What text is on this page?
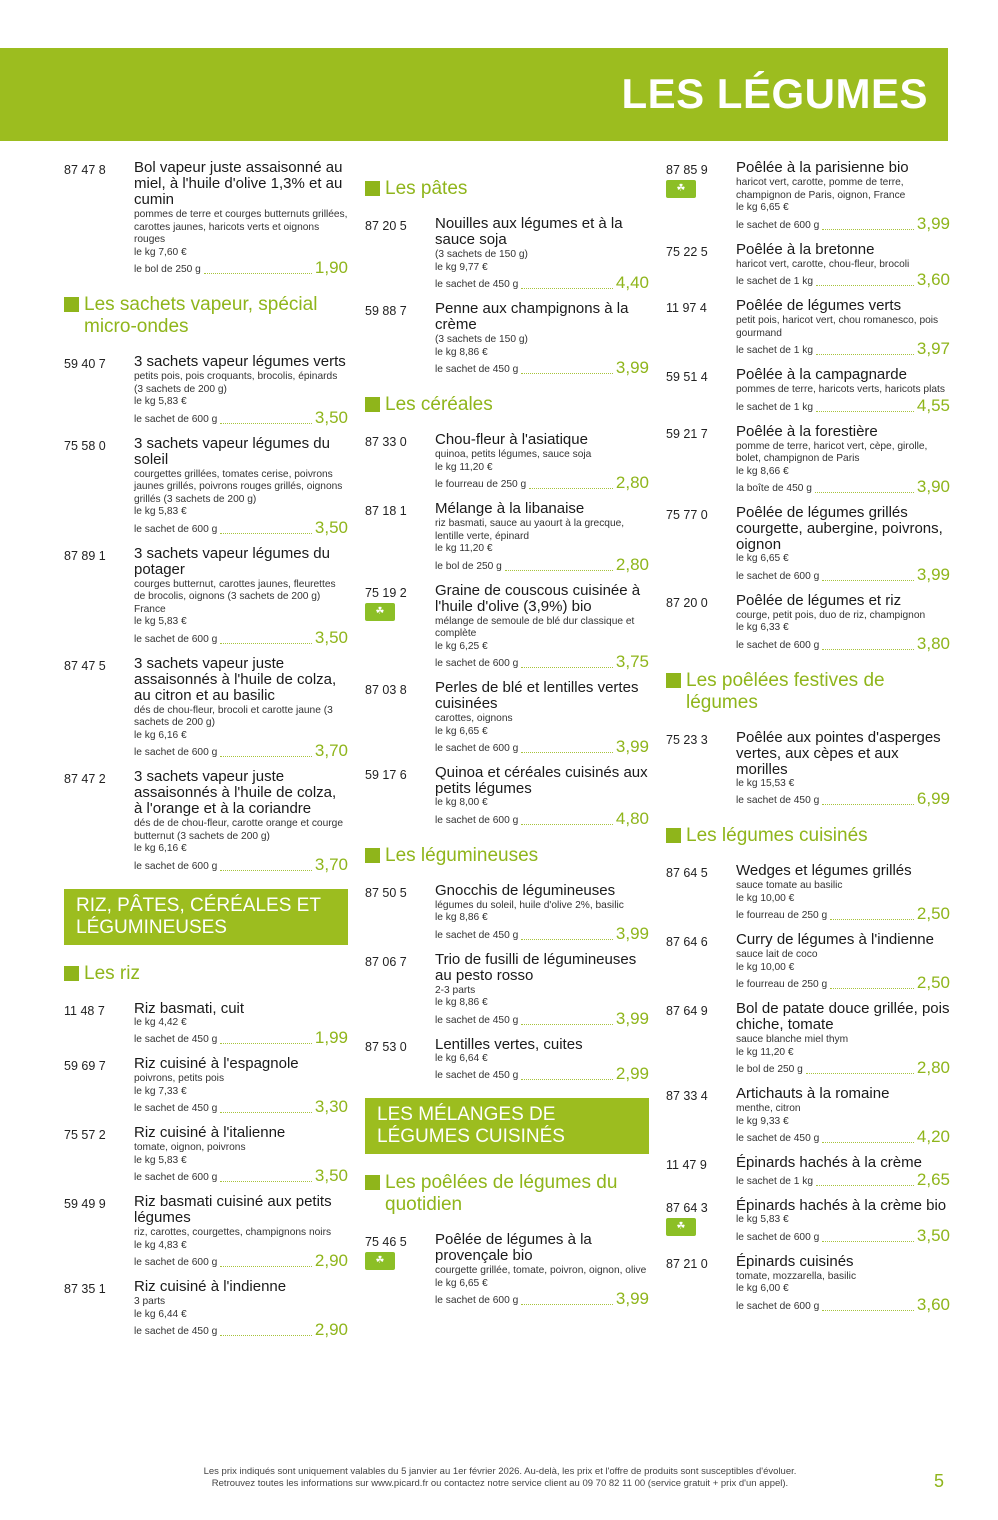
LES LÉGUMES
87 47 8 Bol vapeur juste assaisonné au miel, à l'huile d'olive 1,3% et au cumin
pommes de terre et courges butternuts grillées, carottes jaunes, haricots verts et oignons rouges
le kg 7,60 €
le bol de 250 g	1,90
Les sachets vapeur, spécial micro-ondes
59 40 7 3 sachets vapeur légumes verts
petits pois, pois croquants, brocolis, épinards (3 sachets de 200 g)
le kg 5,83 €
le sachet de 600 g	3,50
75 58 0 3 sachets vapeur légumes du soleil
courgettes grillées, tomates cerise, poivrons jaunes grillés, poivrons rouges grillés, oignons grillés (3 sachets de 200 g)
le kg 5,83 €
le sachet de 600 g	3,50
87 89 1 3 sachets vapeur légumes du potager
courges butternut, carottes jaunes, fleurettes de brocolis, oignons (3 sachets de 200 g) France
le kg 5,83 €
le sachet de 600 g	3,50
87 47 5 3 sachets vapeur juste assaisonnés à l'huile de colza, au citron et au basilic
dés de chou-fleur, brocoli et carotte jaune (3 sachets de 200 g)
le kg 6,16 €
le sachet de 600 g	3,70
87 47 2 3 sachets vapeur juste assaisonnés à l'huile de colza, à l'orange et à la coriandre
dés de de chou-fleur, carotte orange et courge butternut (3 sachets de 200 g)
le kg 6,16 €
le sachet de 600 g	3,70
RIZ, PÂTES, CÉRÉALES ET LÉGUMINEUSES
Les riz
11 48 7 Riz basmati, cuit
le kg 4,42 €
le sachet de 450 g	1,99
59 69 7 Riz cuisiné à l'espagnole
poivrons, petits pois
le kg 7,33 €
le sachet de 450 g	3,30
75 57 2 Riz cuisiné à l'italienne
tomate, oignon, poivrons
le kg 5,83 €
le sachet de 600 g	3,50
59 49 9 Riz basmati cuisiné aux petits légumes
riz, carottes, courgettes, champignons noirs
le kg 4,83 €
le sachet de 600 g	2,90
87 35 1 Riz cuisiné à l'indienne
3 parts
le kg 6,44 €
le sachet de 450 g	2,90
Les pâtes
87 20 5 Nouilles aux légumes et à la sauce soja
(3 sachets de 150 g)
le kg 9,77 €
le sachet de 450 g	4,40
59 88 7 Penne aux champignons à la crème
(3 sachets de 150 g)
le kg 8,86 €
le sachet de 450 g	3,99
Les céréales
87 33 0 Chou-fleur à l'asiatique
quinoa, petits légumes, sauce soja
le kg 11,20 €
le fourreau de 250 g	2,80
87 18 1 Mélange à la libanaise
riz basmati, sauce au yaourt à la grecque, lentille verte, épinard
le kg 11,20 €
le bol de 250 g	2,80
75 19 2
☘
Graine de couscous cuisinée à l'huile d'olive (3,9%) bio
mélange de semoule de blé dur classique et complète
le kg 6,25 €
le sachet de 600 g	3,75
87 03 8 Perles de blé et lentilles vertes cuisinées
carottes, oignons
le kg 6,65 €
le sachet de 600 g	3,99
59 17 6 Quinoa et céréales cuisinés aux petits légumes
le kg 8,00 €
le sachet de 600 g	4,80
Les légumineuses
87 50 5 Gnocchis de légumineuses
légumes du soleil, huile d'olive 2%, basilic
le kg 8,86 €
le sachet de 450 g	3,99
87 06 7 Trio de fusilli de légumineuses au pesto rosso
2-3 parts
le kg 8,86 €
le sachet de 450 g	3,99
87 53 0 Lentilles vertes, cuites
le kg 6,64 €
le sachet de 450 g	2,99
LES MÉLANGES DE LÉGUMES CUISINÉS
Les poêlées de légumes du quotidien
75 46 5
☘
Poêlée de légumes à la provençale bio
courgette grillée, tomate, poivron, oignon, olive
le kg 6,65 €
le sachet de 600 g	3,99
87 85 9
☘
Poêlée à la parisienne bio
haricot vert, carotte, pomme de terre, champignon de Paris, oignon, France
le kg 6,65 €
le sachet de 600 g	3,99
75 22 5 Poêlée à la bretonne
haricot vert, carotte, chou-fleur, brocoli
le sachet de 1 kg	3,60
11 97 4 Poêlée de légumes verts
petit pois, haricot vert, chou romanesco, pois gourmand
le sachet de 1 kg	3,97
59 51 4 Poêlée à la campagnarde
pommes de terre, haricots verts, haricots plats
le sachet de 1 kg	4,55
59 21 7 Poêlée à la forestière
pomme de terre, haricot vert, cèpe, girolle, bolet, champignon de Paris
le kg 8,66 €
la boîte de 450 g	3,90
75 77 0 Poêlée de légumes grillés courgette, aubergine, poivrons, oignon
le kg 6,65 €
le sachet de 600 g	3,99
87 20 0 Poêlée de légumes et riz
courge, petit pois, duo de riz, champignon
le kg 6,33 €
le sachet de 600 g	3,80
Les poêlées festives de légumes
75 23 3 Poêlée aux pointes d'asperges vertes, aux cèpes et aux morilles
le kg 15,53 €
le sachet de 450 g	6,99
Les légumes cuisinés
87 64 5 Wedges et légumes grillés
sauce tomate au basilic
le kg 10,00 €
le fourreau de 250 g	2,50
87 64 6 Curry de légumes à l'indienne
sauce lait de coco
le kg 10,00 €
le fourreau de 250 g	2,50
87 64 9 Bol de patate douce grillée, pois chiche, tomate
sauce blanche miel thym
le kg 11,20 €
le bol de 250 g	2,80
87 33 4 Artichauts à la romaine
menthe, citron
le kg 9,33 €
le sachet de 450 g	4,20
11 47 9 Épinards hachés à la crème
le sachet de 1 kg	2,65
87 64 3
☘
Épinards hachés à la crème bio
le kg 5,83 €
le sachet de 600 g	3,50
87 21 0 Épinards cuisinés
tomate, mozzarella, basilic
le kg 6,00 €
le sachet de 600 g	3,60
Les prix indiqués sont uniquement valables du 5 janvier au 1er février 2026. Au-delà, les prix et l'offre de produits sont susceptibles d'évoluer.
Retrouvez toutes les informations sur www.picard.fr ou contactez notre service client au 09 70 82 11 00 (service gratuit + prix d'un appel).	5
